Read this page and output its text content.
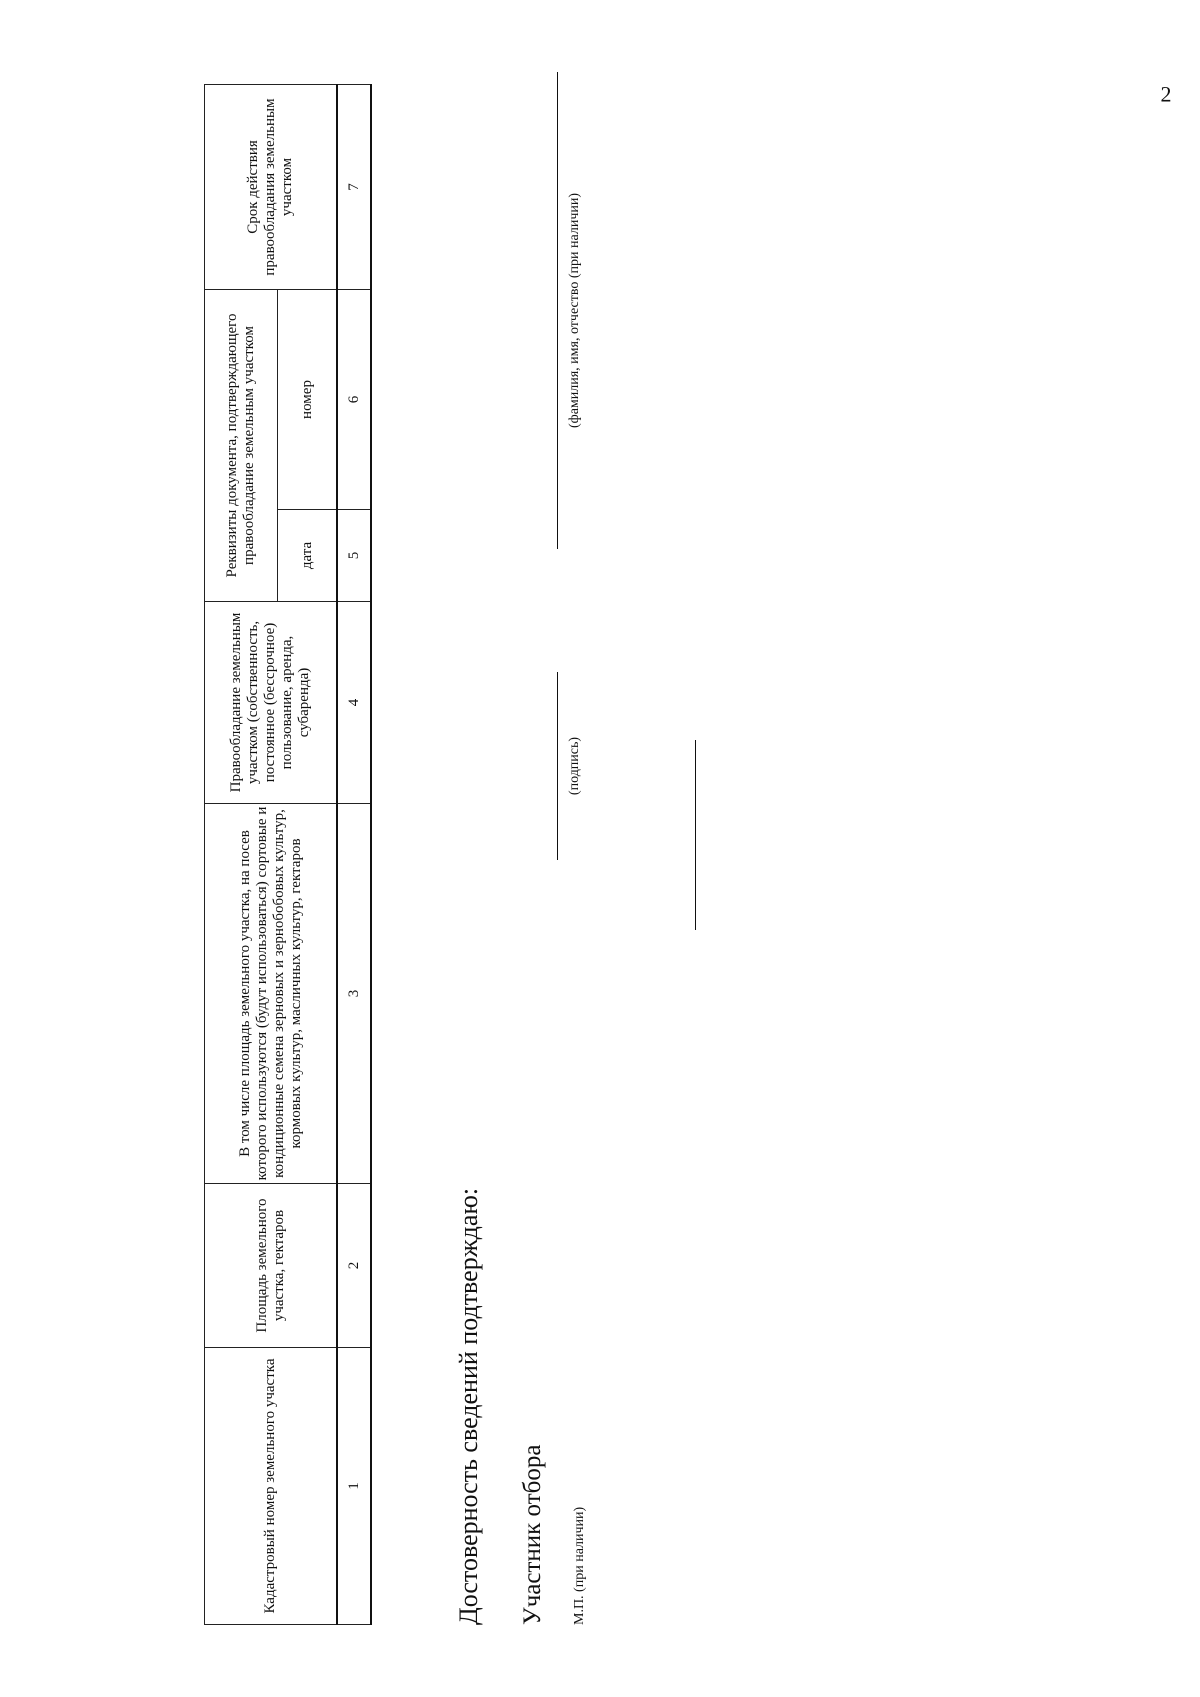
2
Кадастровый номер земельного участка	Площадь земельного участка, гектаров	В том числе площадь земельного участка, на посев которого используются (будут использоваться) сортовые и кондиционные семена зерновых и зернобобовых культур, кормовых культур, масличных культур, гектаров	Правообладание земельным участком (собственность, постоянное (бессрочное) пользование, аренда, субаренда)	Реквизиты документа, подтверждающего правообладание земельным участком		Срок действия правообладания земельным участком
				дата	номер	
1	2	3	4	5	6	7
Достоверность сведений подтверждаю: Участник отбора М.П. (при наличии)
(подпись)
(фамилия, имя, отчество (при наличии)
